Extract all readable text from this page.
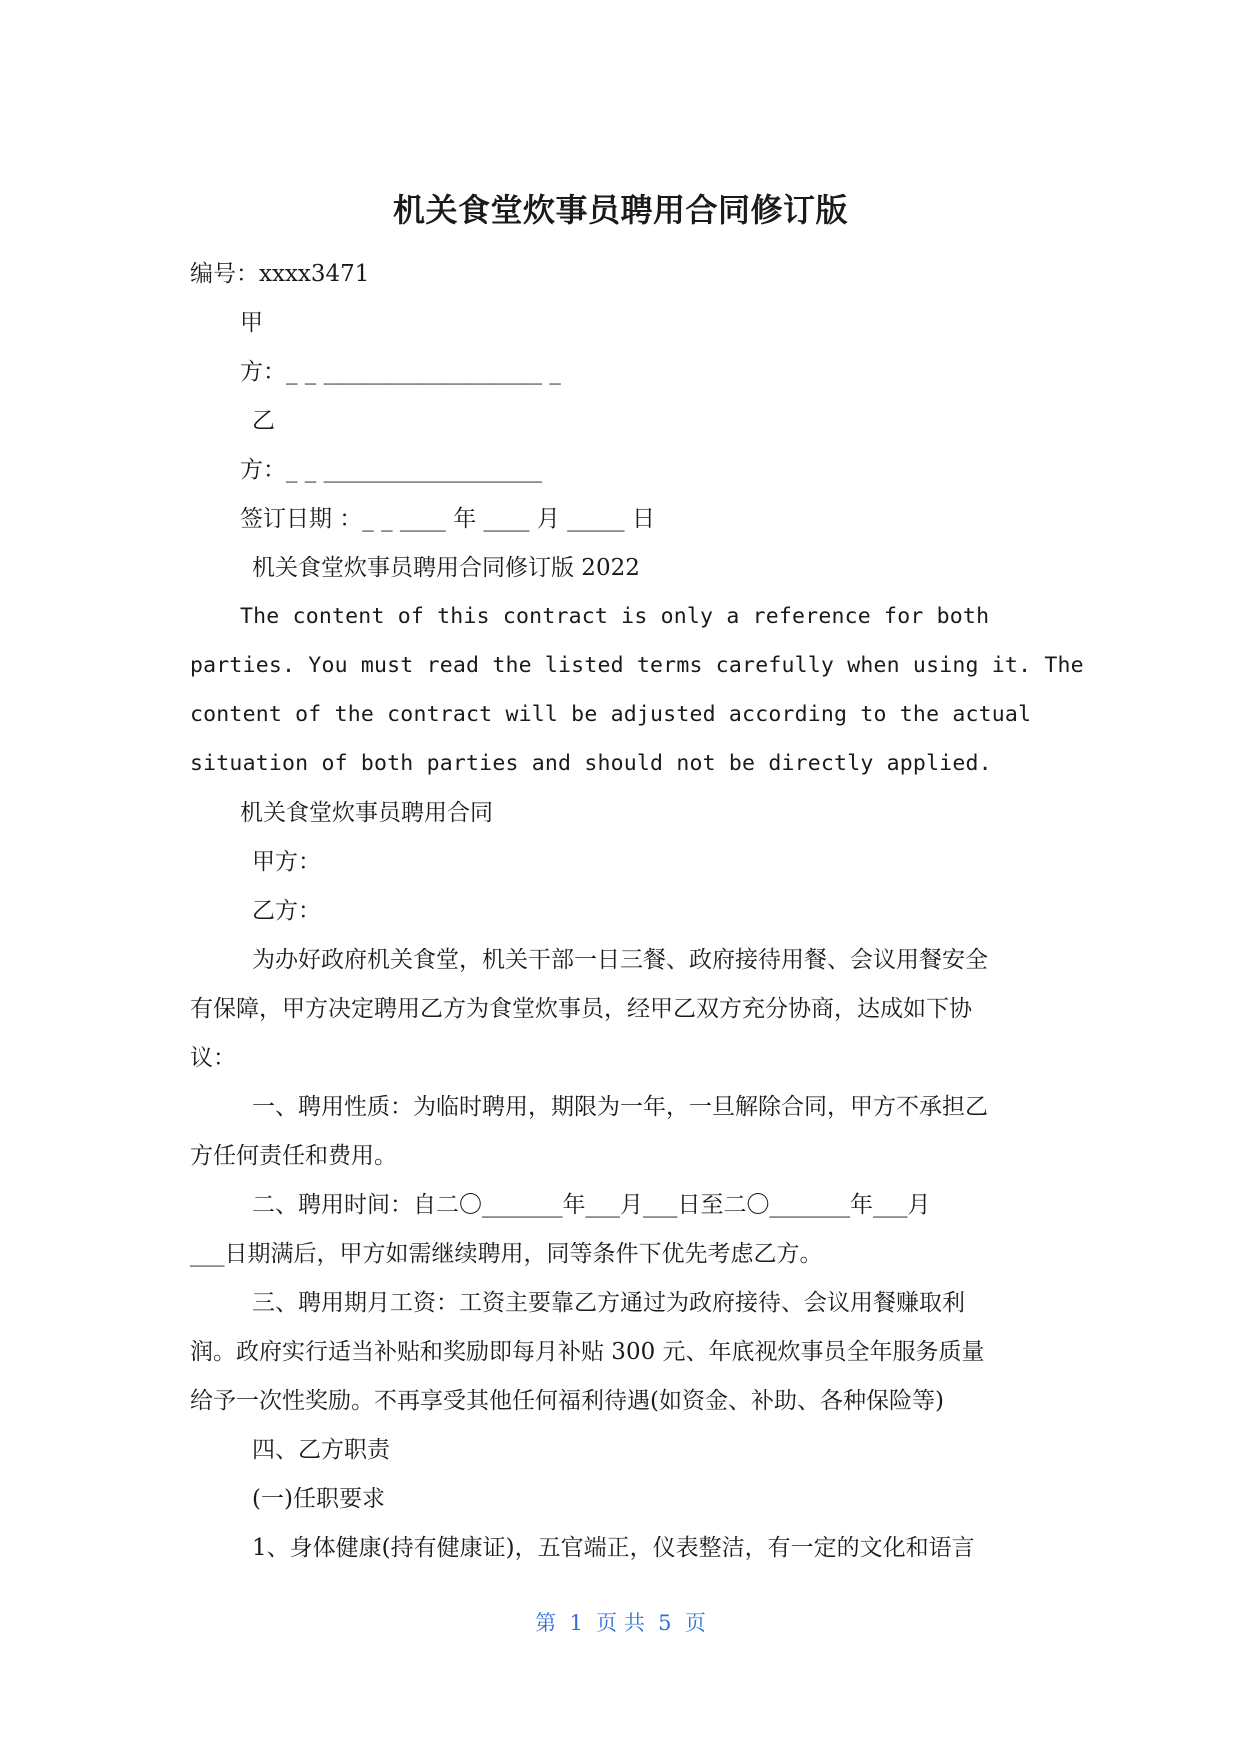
机关食堂炊事员聘用合同修订版
编号：xxxx3471
甲
方：_ _ ___________________ _
乙
方：_ _ ___________________
签订日期 ：_ _ ____ 年 ____ 月 _____ 日
机关食堂炊事员聘用合同修订版 2022
The content of this contract is only a reference for both
parties. You must read the listed terms carefully when using it. The
content of the contract will be adjusted according to the actual
situation of both parties and should not be directly applied.
机关食堂炊事员聘用合同
甲方：
乙方：
为办好政府机关食堂，机关干部一日三餐、政府接待用餐、会议用餐安全
有保障，甲方决定聘用乙方为食堂炊事员，经甲乙双方充分协商，达成如下协
议：
一、聘用性质：为临时聘用，期限为一年，一旦解除合同，甲方不承担乙
方任何责任和费用。
二、聘用时间：自二〇_______年___月___日至二〇_______年___月
___日期满后，甲方如需继续聘用，同等条件下优先考虑乙方。
三、聘用期月工资：工资主要靠乙方通过为政府接待、会议用餐赚取利
润。政府实行适当补贴和奖励即每月补贴 300 元、年底视炊事员全年服务质量
给予一次性奖励。不再享受其他任何福利待遇(如资金、补助、各种保险等)
四、乙方职责
(一)任职要求
1、身体健康(持有健康证)，五官端正，仪表整洁，有一定的文化和语言
第  1  页 共  5  页
